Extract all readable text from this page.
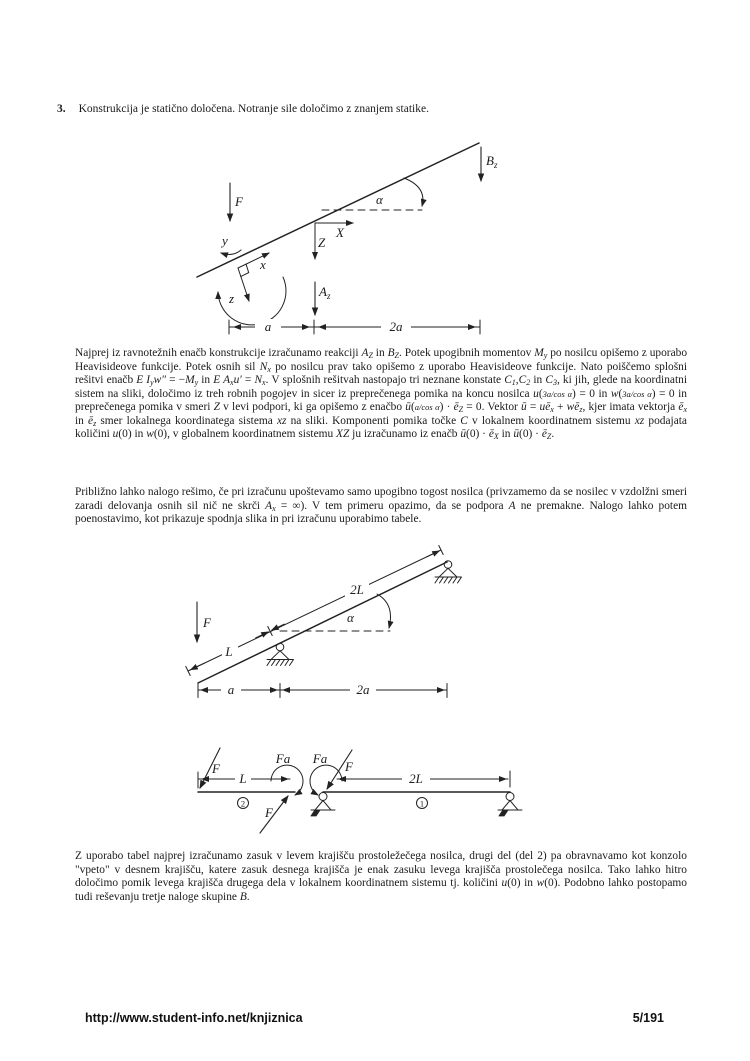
3. Konstrukcija je statično določena. Notranje sile določimo z znanjem statike.
F
$B_z$
x
z
y
X
Z
α
$A_z$
a	2a

Najprej iz ravnotežnih enačb konstrukcije izračunamo reakciji AZ in BZ. Potek upogibnih momentov My po nosilcu opišemo z uporabo Heavisideove funkcije. Potek osnih sil Nx po nosilcu prav tako opišemo z uporabo Heavisideove funkcije. Nato poiščemo splošni rešitvi enačb E Iyw″ = −My in E Axu′ = Nx. V splošnih rešitvah nastopajo tri neznane konstate C1,C2 in C3, ki jih, glede na koordinatni sistem na sliki, določimo iz treh robnih pogojev in sicer iz preprečenega pomika na koncu nosilca u(3a/cos α) = 0 in w(3a/cos α) = 0 in preprečenega pomika v smeri Z v levi podpori, ki ga opišemo z enačbo ū(a/cos α) · ēZ = 0. Vektor ū = uēx + wēz, kjer imata vektorja ēx in ēz smer lokalnega koordinatega sistema xz na sliki. Komponenti pomika točke C v lokalnem koordinatnem sistemu xz podajata količini u(0) in w(0), v globalnem koordinatnem sistemu XZ ju izračunamo iz enačb ū(0) · ēX in ū(0) · ēZ.

Približno lahko nalogo rešimo, če pri izračunu upoštevamo samo upogibno togost nosilca (privzamemo da se nosilec v vzdolžni smeri zaradi delovanja osnih sil nič ne skrči Ax = ∞). V tem primeru opazimo, da se podpora A ne premakne. Nalogo lahko potem poenostavimo, kot prikazuje spodnja slika in pri izračunu uporabimo tabele.

L
2L
F	α
a	2a
F
L
2
Fa
F
Fa
F
2L
1

Z uporabo tabel najprej izračunamo zasuk v levem krajišču prostoležečega nosilca, drugi del (del 2) pa obravnavamo kot konzolo "vpeto" v desnem krajišču, katere zasuk desnega krajišča je enak zasuku levega krajišča prostolečega nosilca. Tako lahko hitro določimo pomik levega krajišča drugega dela v lokalnem koordinatnem sistemu tj. količini u(0) in w(0). Podobno lahko postopamo tudi reševanju tretje naloge skupine B.

http://www.student-info.net/knjiznica	5/191
